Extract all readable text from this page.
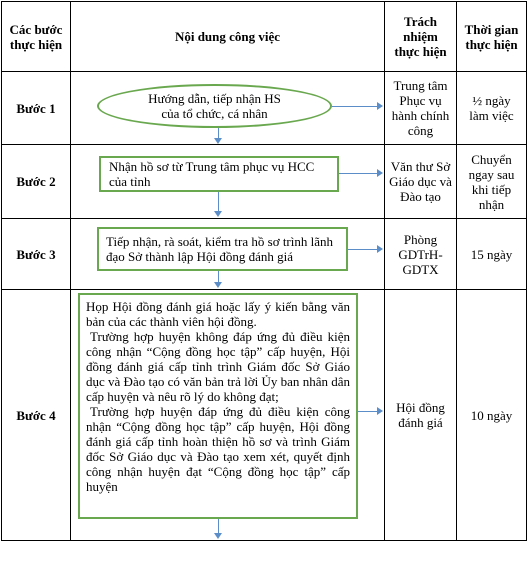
Các bước thực hiện	Nội dung công việc	Trách nhiệm thực hiện	Thời gian thực hiện

Bước 1	Hướng dẫn, tiếp nhận HS của tổ chức, cá nhân	Trung tâm Phục vụ hành chính công	½ ngày làm việc

Bước 2	Nhận hồ sơ từ Trung tâm phục vụ HCC của tỉnh	Văn thư Sở Giáo dục và Đào tạo	Chuyển ngay sau khi tiếp nhận

Bước 3	Tiếp nhận, rà soát, kiểm tra hồ sơ trình lãnh đạo Sở thành lập Hội đồng đánh giá	Phòng GDTrH-GDTX	15 ngày
Bước 4	Họp Hội đồng đánh giá hoặc lấy ý kiến bằng văn bản của các thành viên hội đồng.

Trường hợp huyện không đáp ứng đủ điều kiện công nhận “Cộng đồng học tập” cấp huyện, Hội đồng đánh giá cấp tỉnh trình Giám đốc Sở Giáo dục và Đào tạo có văn bản trả lời Ủy ban nhân dân cấp huyện và nêu rõ lý do không đạt;

Trường hợp huyện đáp ứng đủ điều kiện công nhận “Cộng đồng học tập” cấp huyện, Hội đồng đánh giá cấp tỉnh hoàn thiện hồ sơ và trình Giám đốc Sở Giáo dục và Đào tạo xem xét, quyết định công nhận huyện đạt “Cộng đồng học tập” cấp huyện	Hội đồng đánh giá	10 ngày
